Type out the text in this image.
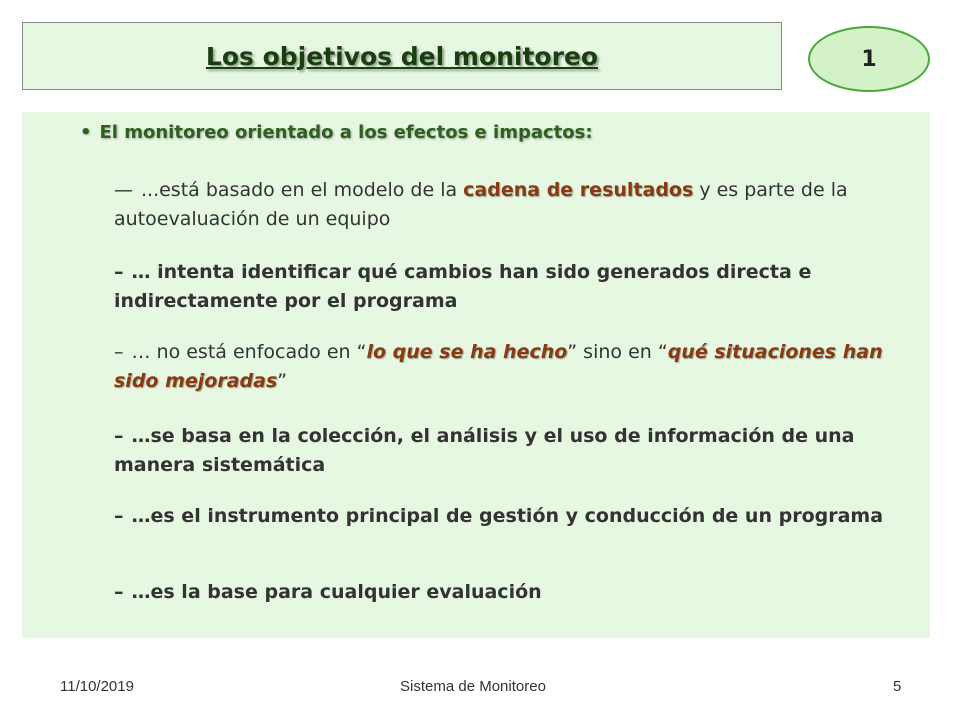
Los objetivos del monitoreo	1
• El monitoreo orientado a los efectos e impactos:
— ...está basado en el modelo de la cadena de resultados y es parte de la autoevaluación de un equipo
– … intenta identificar qué cambios han sido generados directa e indirectamente por el programa
– … no está enfocado en “lo que se ha hecho” sino en “qué situaciones han sido mejoradas”
– …se basa en la colección, el análisis y el uso de información de una manera sistemática
– …es el instrumento principal de gestión y conducción de un programa
– …es la base para cualquier evaluación
11/10/2019	Sistema de Monitoreo	5
